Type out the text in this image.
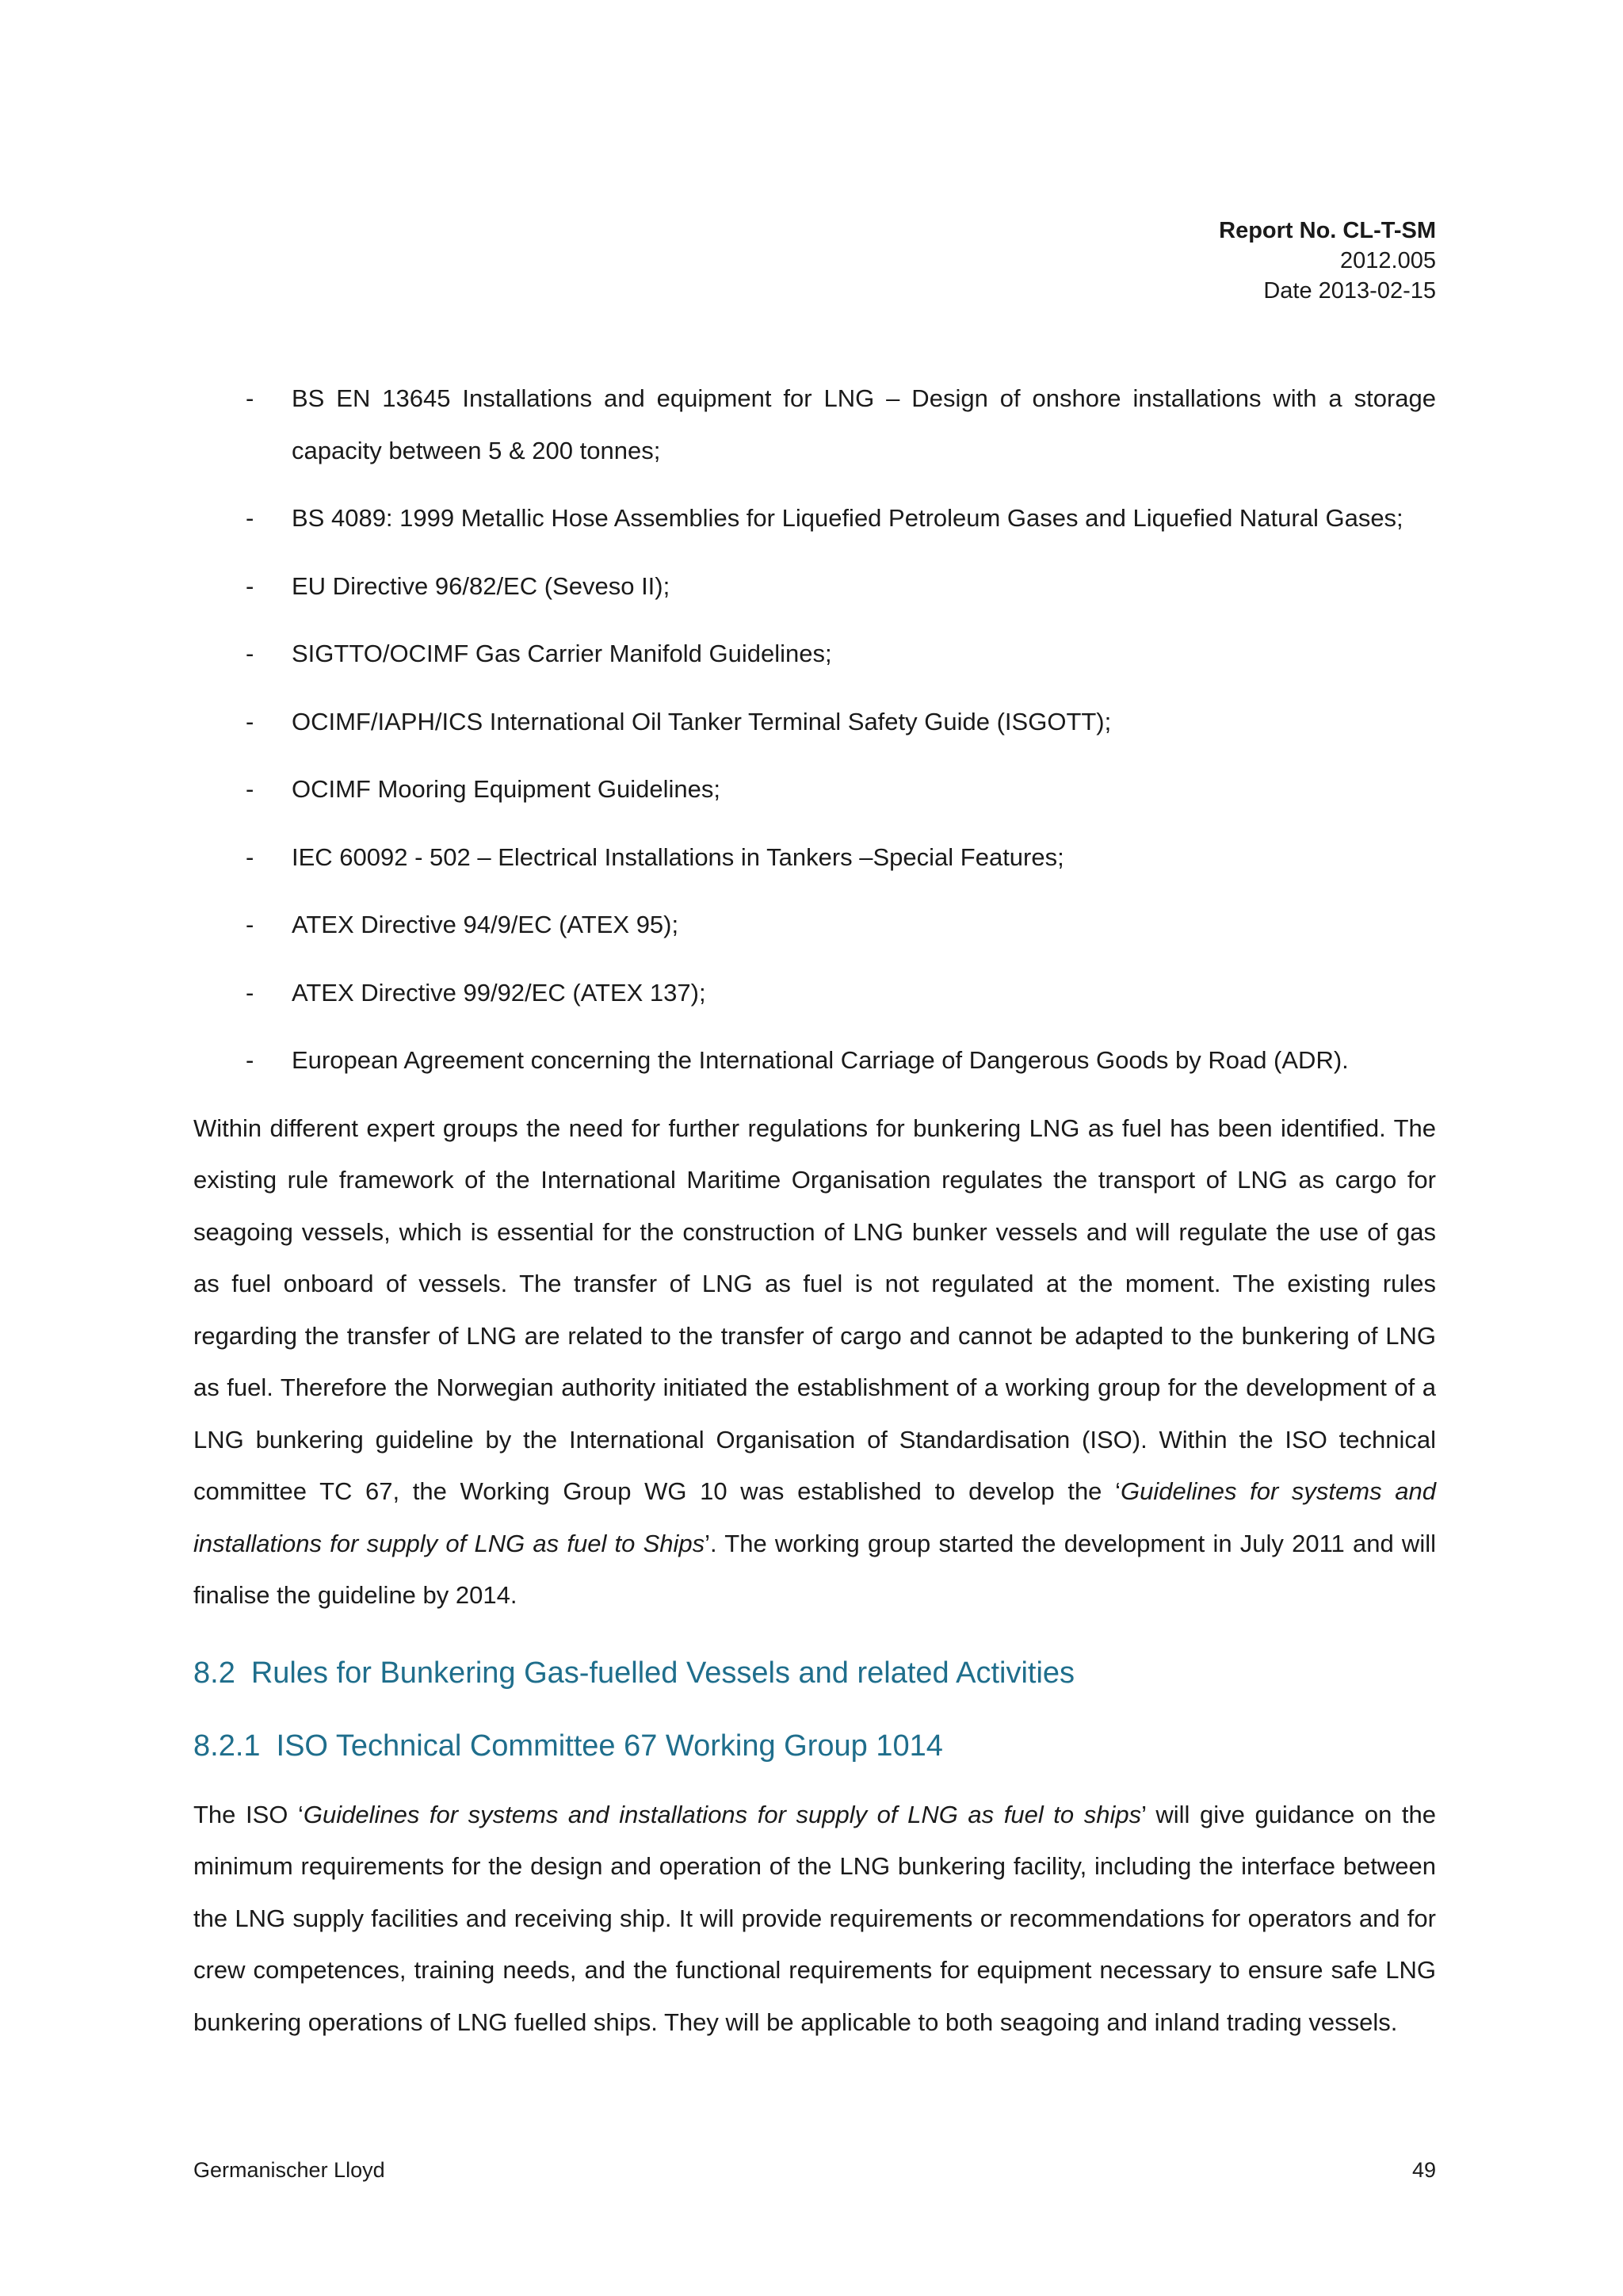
Report No. CL-T-SM
2012.005
Date 2013-02-15
- BS EN 13645 Installations and equipment for LNG – Design of onshore installations with a storage capacity between 5 & 200 tonnes;
- BS 4089: 1999 Metallic Hose Assemblies for Liquefied Petroleum Gases and Liquefied Natural Gases;
- EU Directive 96/82/EC (Seveso II);
- SIGTTO/OCIMF Gas Carrier Manifold Guidelines;
- OCIMF/IAPH/ICS International Oil Tanker Terminal Safety Guide (ISGOTT);
- OCIMF Mooring Equipment Guidelines;
- IEC 60092 - 502 – Electrical Installations in Tankers –Special Features;
- ATEX Directive 94/9/EC (ATEX 95);
- ATEX Directive 99/92/EC (ATEX 137);
- European Agreement concerning the International Carriage of Dangerous Goods by Road (ADR).

Within different expert groups the need for further regulations for bunkering LNG as fuel has been identified. The existing rule framework of the International Maritime Organisation regulates the transport of LNG as cargo for seagoing vessels, which is essential for the construction of LNG bunker vessels and will regulate the use of gas as fuel onboard of vessels. The transfer of LNG as fuel is not regulated at the moment. The existing rules regarding the transfer of LNG are related to the transfer of cargo and cannot be adapted to the bunkering of LNG as fuel. Therefore the Norwegian authority initiated the establishment of a working group for the development of a LNG bunkering guideline by the International Organisation of Standardisation (ISO). Within the ISO technical committee TC 67, the Working Group WG 10 was established to develop the ‘Guidelines for systems and installations for supply of LNG as fuel to Ships’. The working group started the development in July 2011 and will finalise the guideline by 2014.

8.2 Rules for Bunkering Gas-fuelled Vessels and related Activities
8.2.1 ISO Technical Committee 67 Working Group 1014

The ISO ‘Guidelines for systems and installations for supply of LNG as fuel to ships’ will give guidance on the minimum requirements for the design and operation of the LNG bunkering facility, including the interface between the LNG supply facilities and receiving ship. It will provide requirements or recommendations for operators and for crew competences, training needs, and the functional requirements for equipment necessary to ensure safe LNG bunkering operations of LNG fuelled ships. They will be applicable to both seagoing and inland trading vessels.

Germanischer Lloyd	49
